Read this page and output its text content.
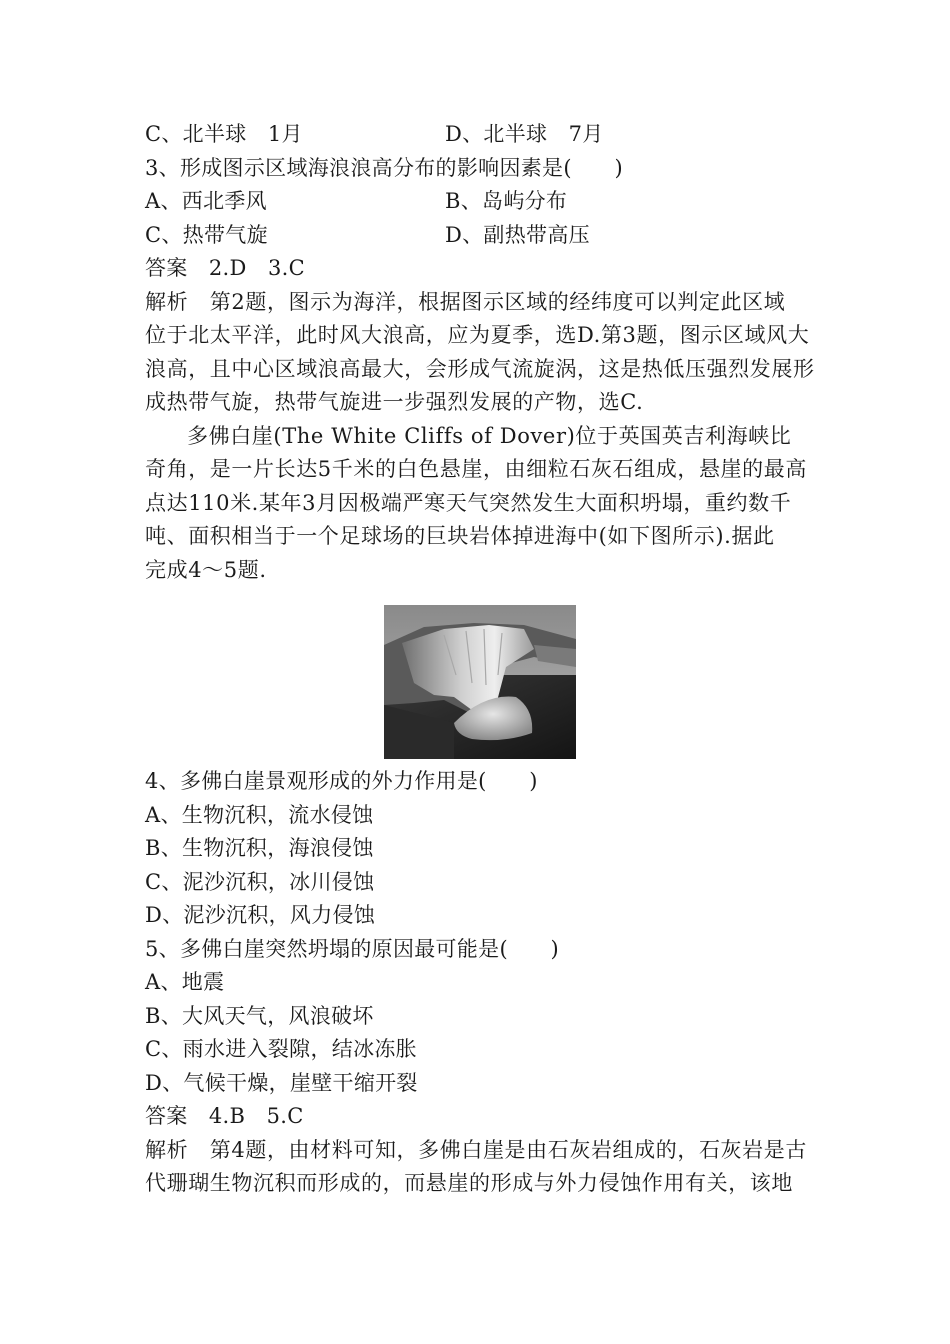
C、北半球　1月	D、北半球　7月
3、形成图示区域海浪浪高分布的影响因素是(　　)
A、西北季风	B、岛屿分布
C、热带气旋	D、副热带高压
答案　2.D　3.C
解析　第2题，图示为海洋，根据图示区域的经纬度可以判定此区域
位于北太平洋，此时风大浪高，应为夏季，选D.第3题，图示区域风大
浪高，且中心区域浪高最大，会形成气流旋涡，这是热低压强烈发展形
成热带气旋，热带气旋进一步强烈发展的产物，选C.
多佛白崖(The White Cliffs of Dover)位于英国英吉利海峡比
奇角，是一片长达5千米的白色悬崖，由细粒石灰石组成，悬崖的最高
点达110米.某年3月因极端严寒天气突然发生大面积坍塌，重约数千
吨、面积相当于一个足球场的巨块岩体掉进海中(如下图所示).据此
完成4～5题.
4、多佛白崖景观形成的外力作用是(　　)
A、生物沉积，流水侵蚀
B、生物沉积，海浪侵蚀
C、泥沙沉积，冰川侵蚀
D、泥沙沉积，风力侵蚀
5、多佛白崖突然坍塌的原因最可能是(　　)
A、地震
B、大风天气，风浪破坏
C、雨水进入裂隙，结冰冻胀
D、气候干燥，崖壁干缩开裂
答案　4.B　5.C
解析　第4题，由材料可知，多佛白崖是由石灰岩组成的，石灰岩是古
代珊瑚生物沉积而形成的，而悬崖的形成与外力侵蚀作用有关，该地
